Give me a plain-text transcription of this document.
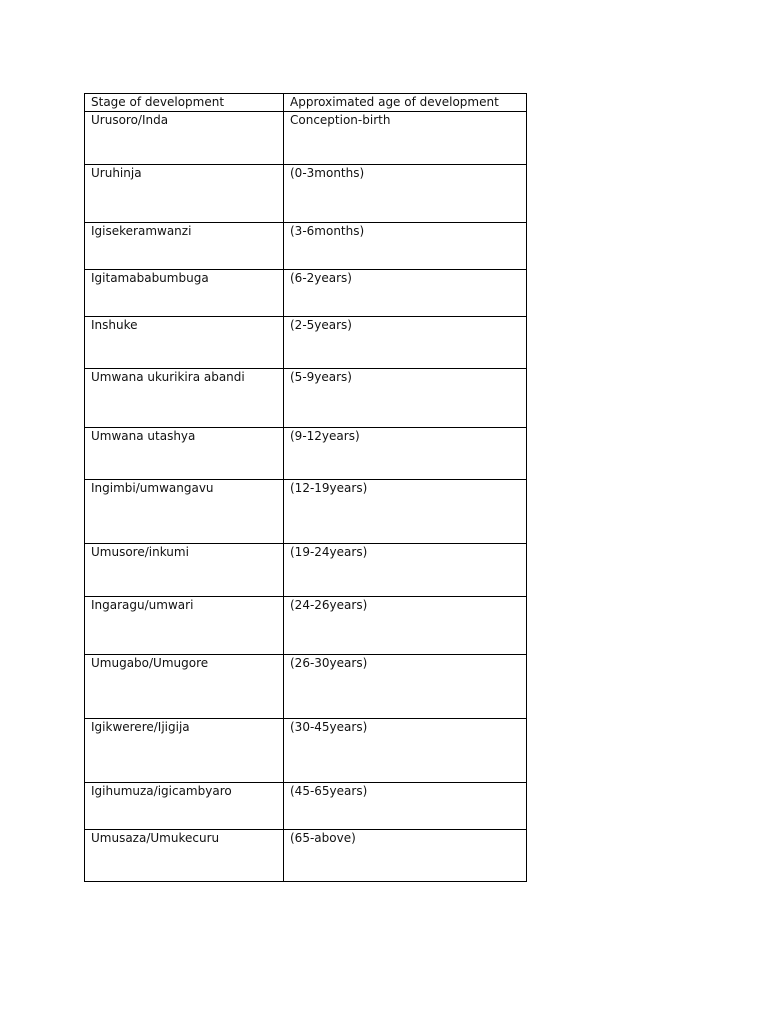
Stage of development	Approximated age of development
Urusoro/Inda	Conception-birth
Uruhinja	(0-3months)
Igisekeramwanzi	(3-6months)
Igitamababumbuga	(6-2years)
Inshuke	(2-5years)
Umwana ukurikira abandi	(5-9years)
Umwana utashya	(9-12years)
Ingimbi/umwangavu	(12-19years)
Umusore/inkumi	(19-24years)
Ingaragu/umwari	(24-26years)
Umugabo/Umugore	(26-30years)
Igikwerere/Ijigija	(30-45years)
Igihumuza/igicambyaro	(45-65years)
Umusaza/Umukecuru	(65-above)
